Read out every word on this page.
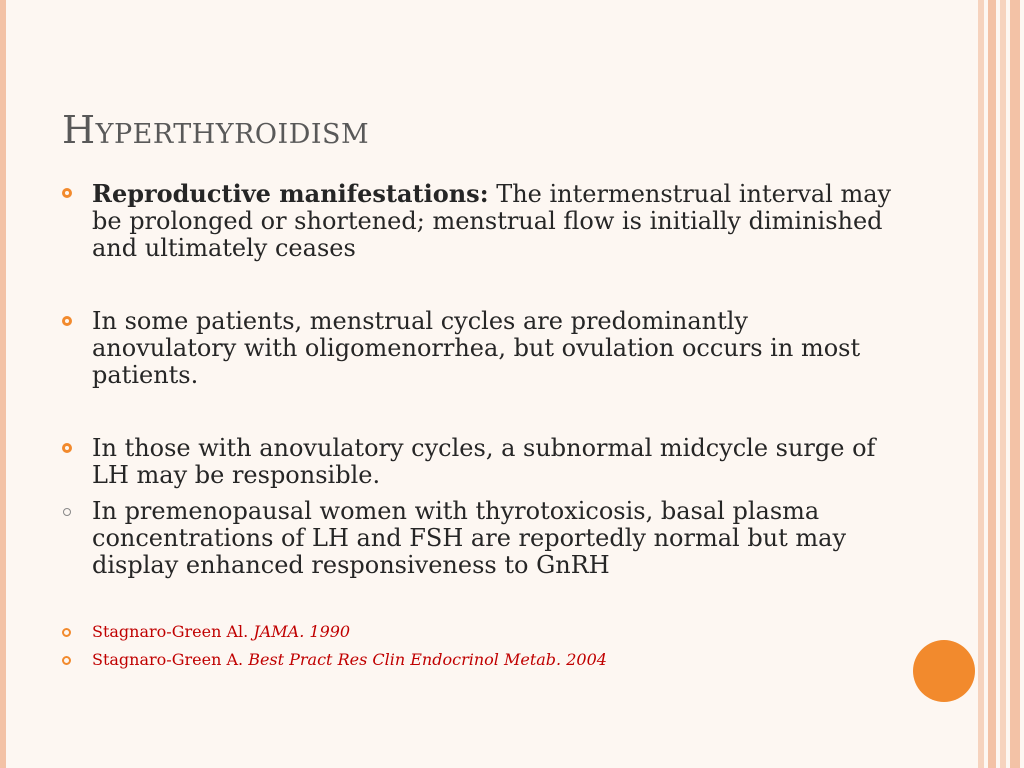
Hyperthyroidism
Reproductive manifestations: The intermenstrual interval may be prolonged or shortened; menstrual flow is initially diminished and ultimately ceases
In some patients, menstrual cycles are predominantly anovulatory with oligomenorrhea, but ovulation occurs in most patients.
In those with anovulatory cycles, a subnormal midcycle surge of LH may be responsible.
In premenopausal women with thyrotoxicosis, basal plasma concentrations of LH and FSH are reportedly normal but may display enhanced responsiveness to GnRH
Stagnaro-Green Al. JAMA. 1990
Stagnaro-Green A. Best Pract Res Clin Endocrinol Metab. 2004
